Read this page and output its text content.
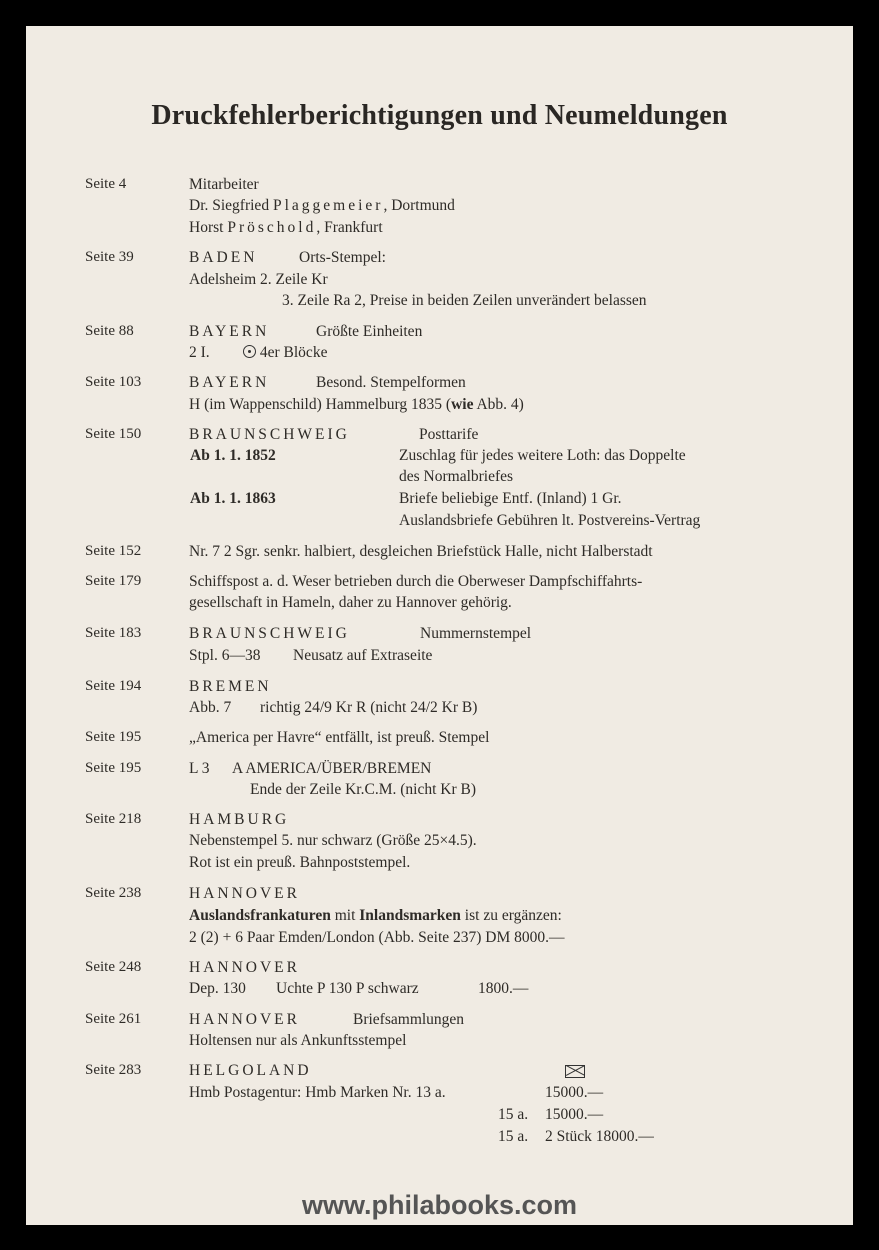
Druckfehlerberichtigungen und Neumeldungen
Seite 4	Mitarbeiter
Dr. Siegfried Plaggemeier, Dortmund
Horst Pröschold, Frankfurt
Seite 39	BADEN	Orts-Stempel:
Adelsheim 2. Zeile Kr
3. Zeile Ra 2, Preise in beiden Zeilen unverändert belassen
Seite 88	BAYERN	Größte Einheiten
2 I.	4er Blöcke
Seite 103	BAYERN	Besond. Stempelformen
H (im Wappenschild) Hammelburg 1835 (wie Abb. 4)
Seite 150	BRAUNSCHWEIG	Posttarife
Ab 1. 1. 1852	Zuschlag für jedes weitere Loth: das Doppelte
des Normalbriefes
Ab 1. 1. 1863	Briefe beliebige Entf. (Inland) 1 Gr.
Auslandsbriefe Gebühren lt. Postvereins-Vertrag
Seite 152	Nr. 7 2 Sgr. senkr. halbiert, desgleichen Briefstück Halle, nicht Halberstadt
Seite 179	Schiffspost a. d. Weser betrieben durch die Oberweser Dampfschiffahrts-
gesellschaft in Hameln, daher zu Hannover gehörig.
Seite 183	BRAUNSCHWEIG	Nummernstempel
Stpl. 6—38 Neusatz auf Extraseite
Seite 194	BREMEN
Abb. 7 richtig 24/9 Kr R (nicht 24/2 Kr B)
Seite 195	„America per Havre“ entfällt, ist preuß. Stempel
Seite 195	L 3 A AMERICA/ÜBER/BREMEN
Ende der Zeile Kr.C.M. (nicht Kr B)
Seite 218	HAMBURG
Nebenstempel 5. nur schwarz (Größe 25×4.5).
Rot ist ein preuß. Bahnpoststempel.
Seite 238	HANNOVER
Auslandsfrankaturen mit Inlandsmarken ist zu ergänzen:
2 (2) + 6 Paar Emden/London (Abb. Seite 237) DM 8000.—
Seite 248	HANNOVER
Dep. 130 Uchte P 130 P schwarz	1800.—
Seite 261	HANNOVER	Briefsammlungen
Holtensen nur als Ankunftsstempel
Seite 283	HELGOLAND
Hmb Postagentur: Hmb Marken Nr. 13 a.	15000.—
15 a. 15000.—
15 a. 2 Stück 18000.—
www.philabooks.com
